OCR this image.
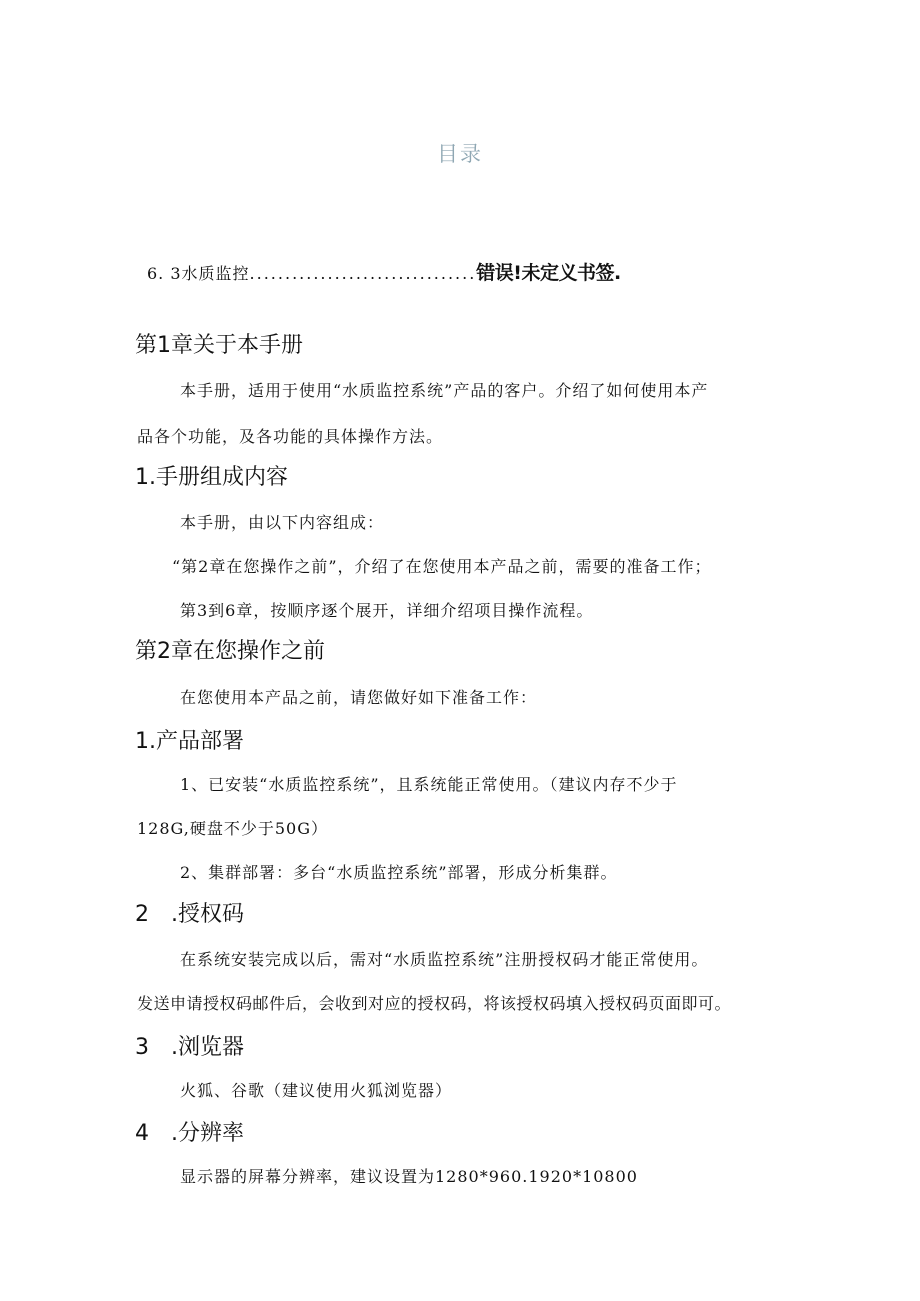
目录
6. 3水质监控................................错误!未定义书签.
第1章关于本手册
本手册，适用于使用“水质监控系统”产品的客户。介绍了如何使用本产
品各个功能，及各功能的具体操作方法。
1.手册组成内容
本手册，由以下内容组成：
“第2章在您操作之前”，介绍了在您使用本产品之前，需要的准备工作；
第3到6章，按顺序逐个展开，详细介绍项目操作流程。
第2章在您操作之前
在您使用本产品之前，请您做好如下准备工作：
1.产品部署
1、已安装“水质监控系统”，且系统能正常使用。（建议内存不少于
128G,硬盘不少于50G）
2、集群部署：多台“水质监控系统”部署，形成分析集群。
2　.授权码
在系统安装完成以后，需对“水质监控系统”注册授权码才能正常使用。
发送申请授权码邮件后，会收到对应的授权码，将该授权码填入授权码页面即可。
3　.浏览器
火狐、谷歌（建议使用火狐浏览器）
4　.分辨率
显示器的屏幕分辨率，建议设置为1280*960.1920*10800
